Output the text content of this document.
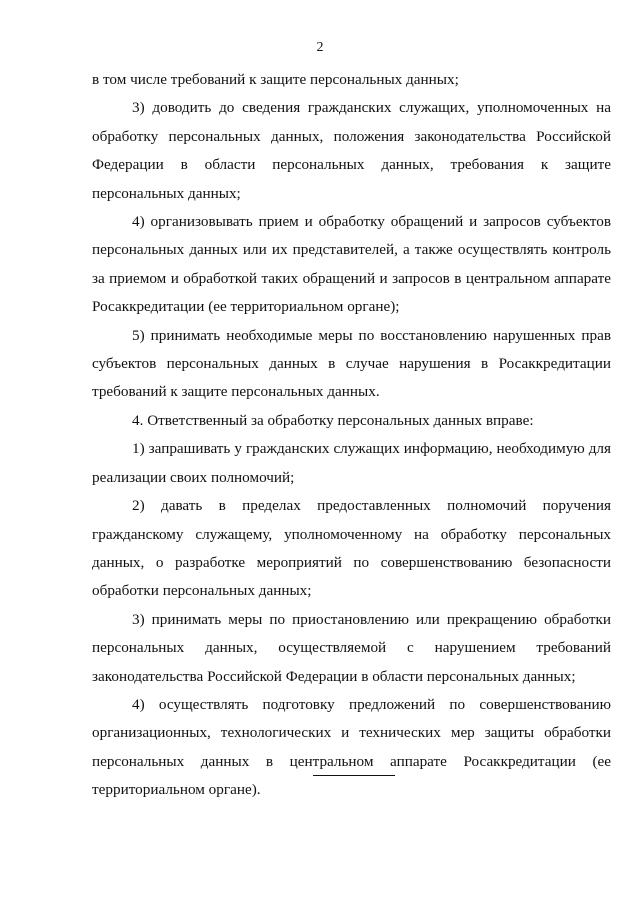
2

в том числе требований к защите персональных данных;

3) доводить до сведения гражданских служащих, уполномоченных на обработку персональных данных, положения законодательства Российской Федерации в области персональных данных, требования к защите персональных данных;

4) организовывать прием и обработку обращений и запросов субъектов персональных данных или их представителей, а также осуществлять контроль за приемом и обработкой таких обращений и запросов в центральном аппарате Росаккредитации (ее территориальном органе);

5) принимать необходимые меры по восстановлению нарушенных прав субъектов персональных данных в случае нарушения в Росаккредитации требований к защите персональных данных.

4. Ответственный за обработку персональных данных вправе:

1) запрашивать у гражданских служащих информацию, необходимую для реализации своих полномочий;

2) давать в пределах предоставленных полномочий поручения гражданскому служащему, уполномоченному на обработку персональных данных, о разработке мероприятий по совершенствованию безопасности обработки персональных данных;

3) принимать меры по приостановлению или прекращению обработки персональных данных, осуществляемой с нарушением требований законодательства Российской Федерации в области персональных данных;

4) осуществлять подготовку предложений по совершенствованию организационных, технологических и технических мер защиты обработки персональных данных в центральном аппарате Росаккредитации (ее территориальном органе).
